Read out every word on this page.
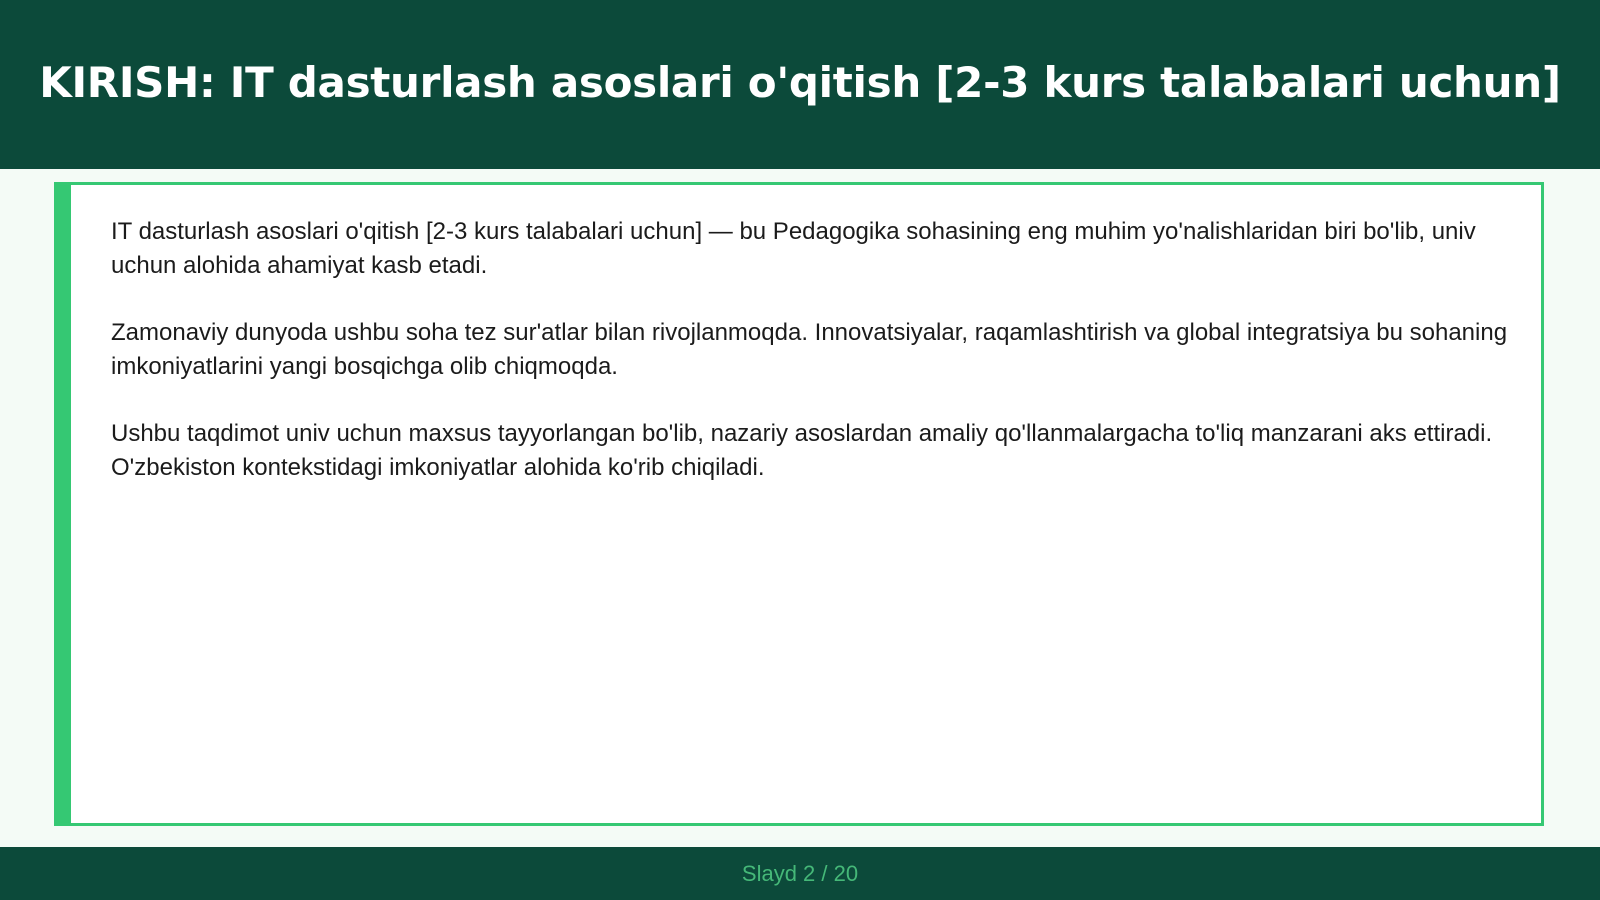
KIRISH: IT dasturlash asoslari o'qitish [2-3 kurs talabalari uchun]

IT dasturlash asoslari o'qitish [2-3 kurs talabalari uchun] — bu Pedagogika sohasining eng muhim yo'nalishlaridan biri bo'lib, univ uchun alohida ahamiyat kasb etadi.

Zamonaviy dunyoda ushbu soha tez sur'atlar bilan rivojlanmoqda. Innovatsiyalar, raqamlashtirish va global integratsiya bu sohaning imkoniyatlarini yangi bosqichga olib chiqmoqda.

Ushbu taqdimot univ uchun maxsus tayyorlangan bo'lib, nazariy asoslardan amaliy qo'llanmalargacha to'liq manzarani aks ettiradi. O'zbekiston kontekstidagi imkoniyatlar alohida ko'rib chiqiladi.

Slayd 2 / 20
